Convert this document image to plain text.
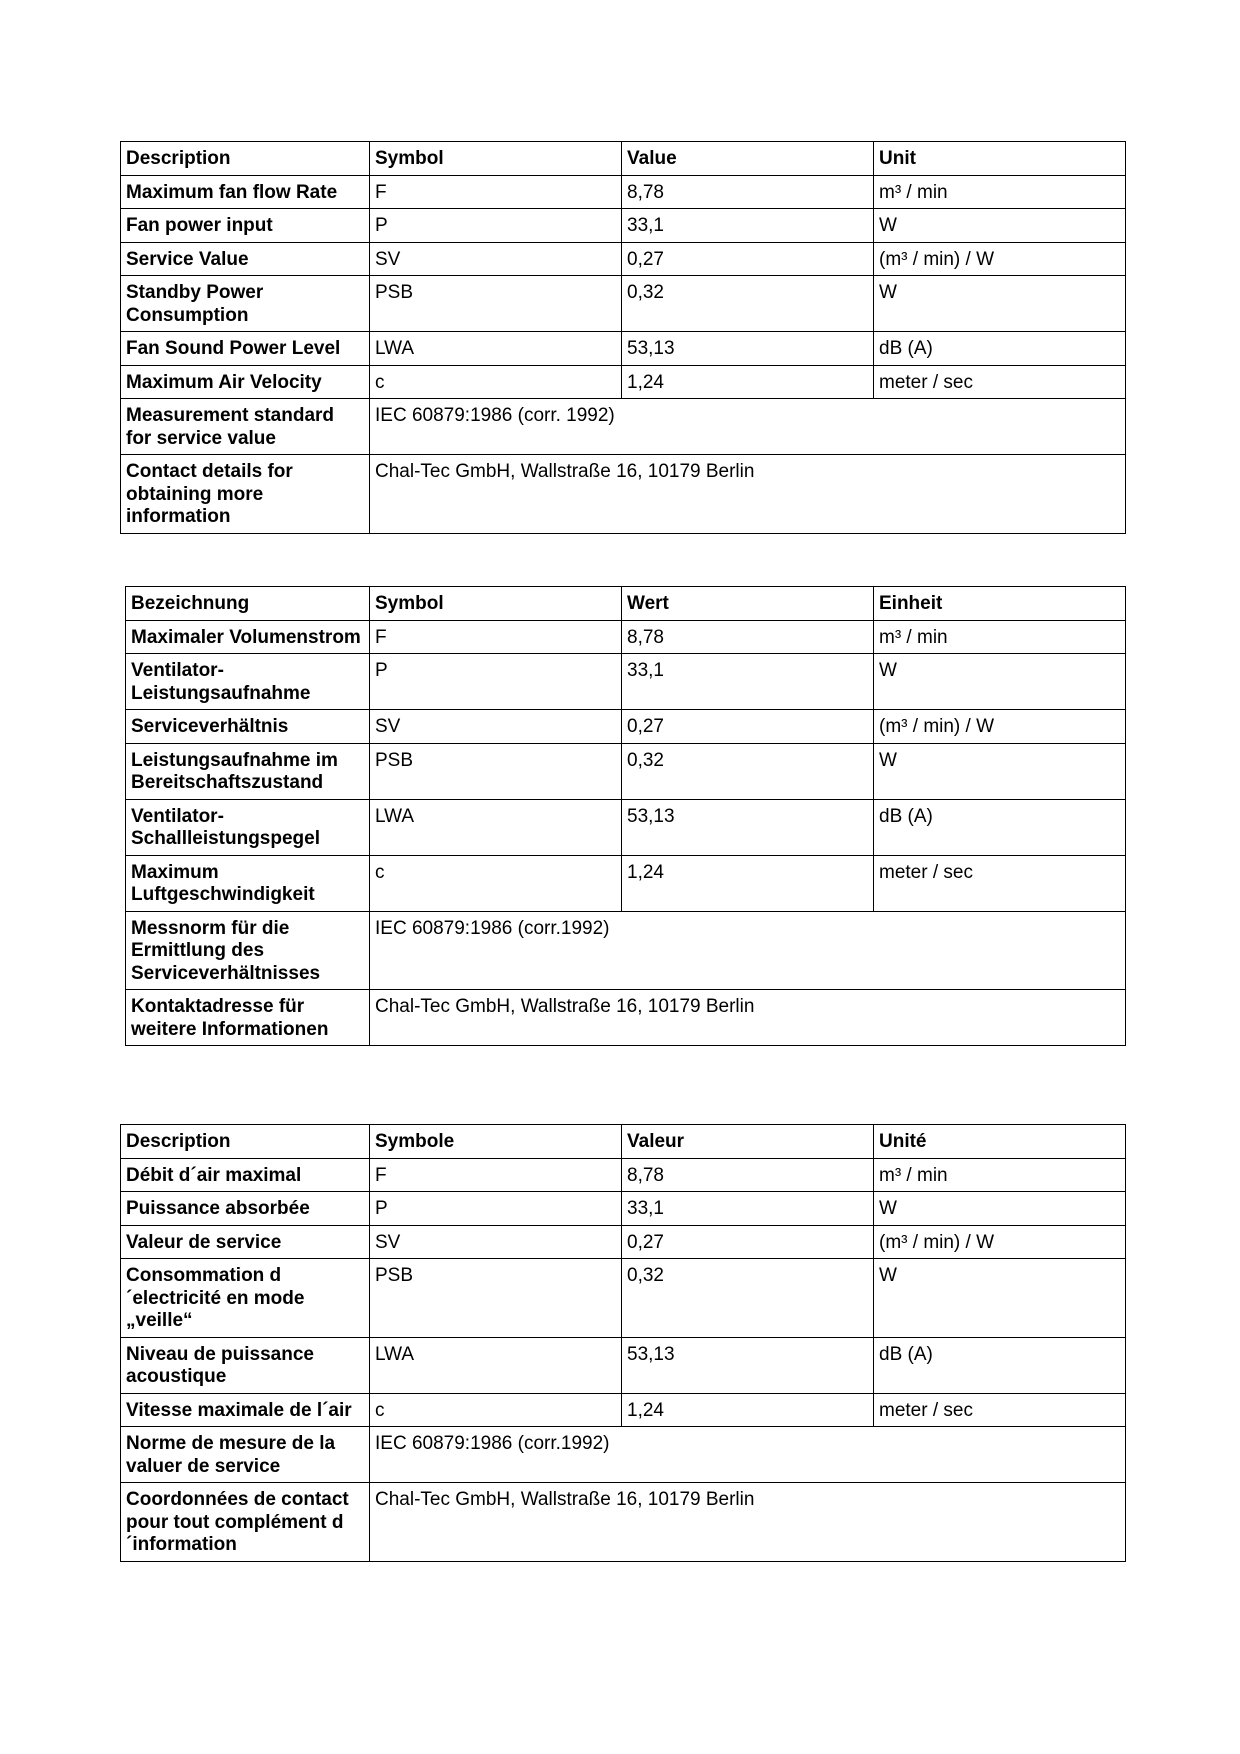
Description	Symbol	Value	Unit
Maximum fan flow Rate	F	8,78	m³ / min
Fan power input	P	33,1	W
Service Value	SV	0,27	(m³ / min) / W
Standby Power Consumption	PSB	0,32	W
Fan Sound Power Level	LWA	53,13	dB (A)
Maximum Air Velocity	c	1,24	meter / sec
Measurement standard for service value	IEC 60879:1986 (corr. 1992)		
Contact details for obtaining more information	Chal-Tec GmbH, Wallstraße 16, 10179 Berlin		
Bezeichnung	Symbol	Wert	Einheit
Maximaler Volumenstrom	F	8,78	m³ / min
Ventilator-Leistungsaufnahme	P	33,1	W
Serviceverhältnis	SV	0,27	(m³ / min) / W
Leistungsaufnahme im Bereitschaftszustand	PSB	0,32	W
Ventilator-Schallleistungspegel	LWA	53,13	dB (A)
Maximum Luftgeschwindigkeit	c	1,24	meter / sec
Messnorm für die Ermittlung des Serviceverhältnisses	IEC 60879:1986 (corr.1992)		
Kontaktadresse für weitere Informationen	Chal-Tec GmbH, Wallstraße 16, 10179 Berlin		
Description	Symbole	Valeur	Unité
Débit d´air maximal	F	8,78	m³ / min
Puissance absorbée	P	33,1	W
Valeur de service	SV	0,27	(m³ / min) / W
Consommation d´electricité en mode „veille“	PSB	0,32	W
Niveau de puissance acoustique	LWA	53,13	dB (A)
Vitesse maximale de l´air	c	1,24	meter / sec
Norme de mesure de la valuer de service	IEC 60879:1986 (corr.1992)		
Coordonnées de contact pour tout complément d´information	Chal-Tec GmbH, Wallstraße 16, 10179 Berlin		
